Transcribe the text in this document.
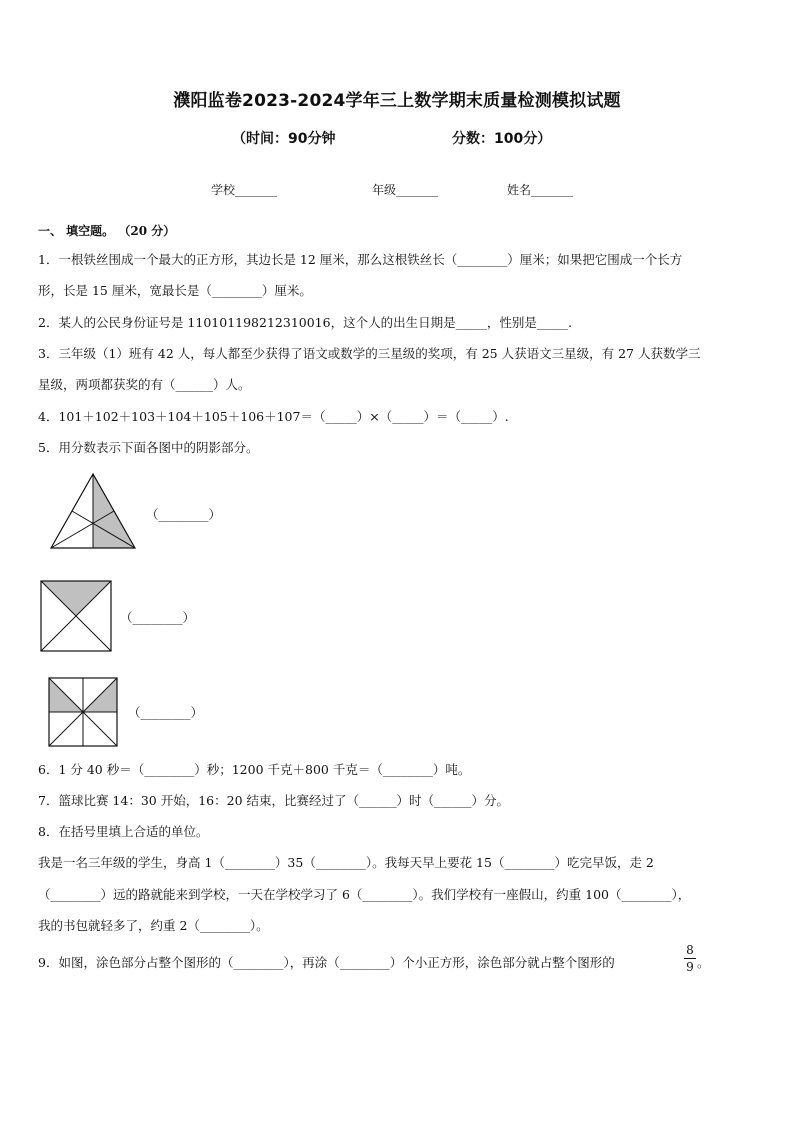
濮阳监卷2023-2024学年三上数学期末质量检测模拟试题
（时间：90分钟	分数：100分）
学校_______	年级_______	姓名_______
一、 填空题。 （20 分）
1．一根铁丝围成一个最大的正方形，其边长是 12 厘米，那么这根铁丝长（________）厘米；如果把它围成一个长方
形，长是 15 厘米，宽最长是（________）厘米。
2．某人的公民身份证号是 110101198212310016，这个人的出生日期是_____，性别是_____.
3．三年级（1）班有 42 人，每人都至少获得了语文或数学的三星级的奖项，有 25 人获语文三星级，有 27 人获数学三
星级，两项都获奖的有（______）人。
4．101＋102＋103＋104＋105＋106＋107＝（_____）×（_____）＝（_____）.
5．用分数表示下面各图中的阴影部分。
（________）
（________）
（________）
6．1 分 40 秒＝（________）秒；1200 千克＋800 千克＝（________）吨。
7．篮球比赛 14：30 开始，16：20 结束，比赛经过了（______）时（______）分。
8．在括号里填上合适的单位。
我是一名三年级的学生，身高 1（________）35（________）。我每天早上要花 15（________）吃完早饭，走 2
（________）远的路就能来到学校，一天在学校学习了 6（________）。我们学校有一座假山，约重 100（________），
我的书包就轻多了，约重 2（________）。
9．如图，涂色部分占整个图形的（________），再涂（________）个小正方形，涂色部分就占整个图形的
8
9 。
